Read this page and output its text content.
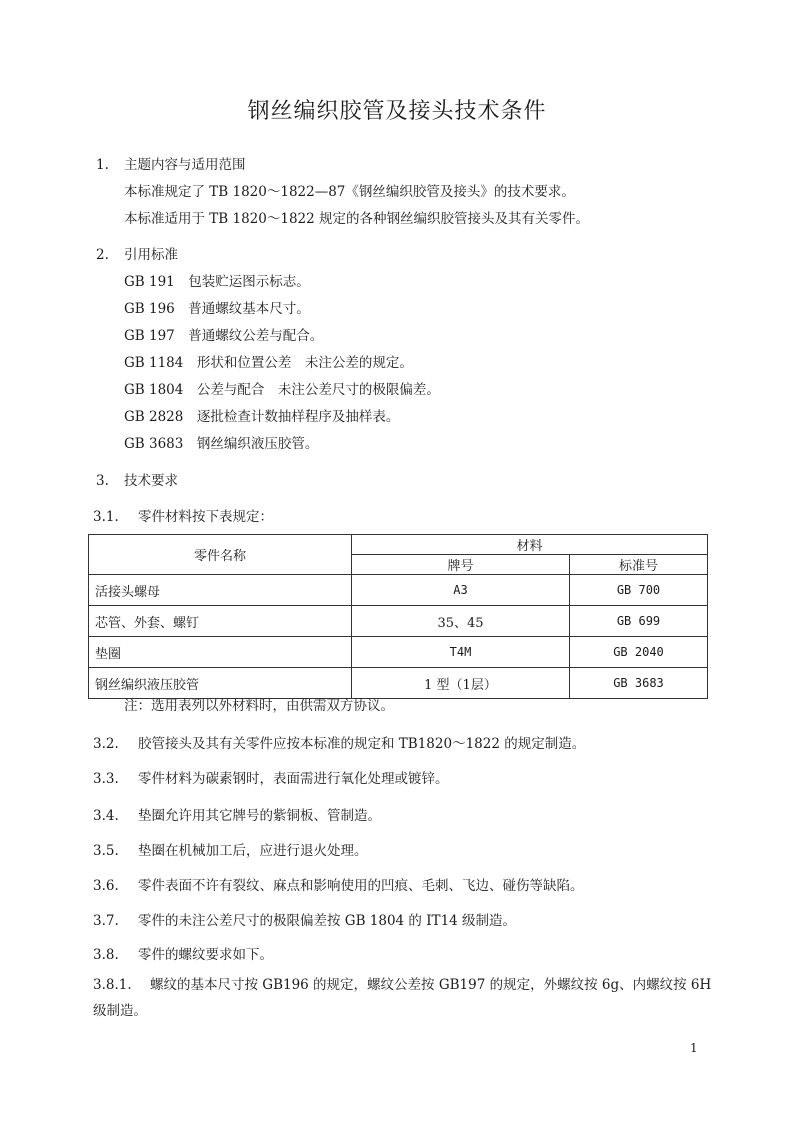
钢丝编织胶管及接头技术条件
1. 主题内容与适用范围
本标准规定了 TB 1820～1822—87《钢丝编织胶管及接头》的技术要求。
本标准适用于 TB 1820～1822 规定的各种钢丝编织胶管接头及其有关零件。
2. 引用标准
GB 191　包装贮运图示标志。
GB 196　普通螺纹基本尺寸。
GB 197　普通螺纹公差与配合。
GB 1184　形状和位置公差　未注公差的规定。
GB 1804　公差与配合　未注公差尺寸的极限偏差。
GB 2828　逐批检查计数抽样程序及抽样表。
GB 3683　钢丝编织液压胶管。
3. 技术要求
3.1. 零件材料按下表规定：
零件名称	材料	
	牌号	标准号
活接头螺母	A3	GB 700
芯管、外套、螺钉	35、45	GB 699
垫圈	T4M	GB 2040
钢丝编织液压胶管	1 型（1层）	GB 3683
注：选用表列以外材料时，由供需双方协议。
3.2. 胶管接头及其有关零件应按本标准的规定和 TB1820～1822 的规定制造。
3.3. 零件材料为碳素钢时，表面需进行氧化处理或镀锌。
3.4. 垫圈允许用其它牌号的紫铜板、管制造。
3.5. 垫圈在机械加工后，应进行退火处理。
3.6. 零件表面不许有裂纹、麻点和影响使用的凹痕、毛刺、飞边、碰伤等缺陷。
3.7. 零件的未注公差尺寸的极限偏差按 GB 1804 的 IT14 级制造。
3.8. 零件的螺纹要求如下。
3.8.1. 螺纹的基本尺寸按 GB196 的规定，螺纹公差按 GB197 的规定，外螺纹按 6g、内螺纹按 6H
级制造。
1
